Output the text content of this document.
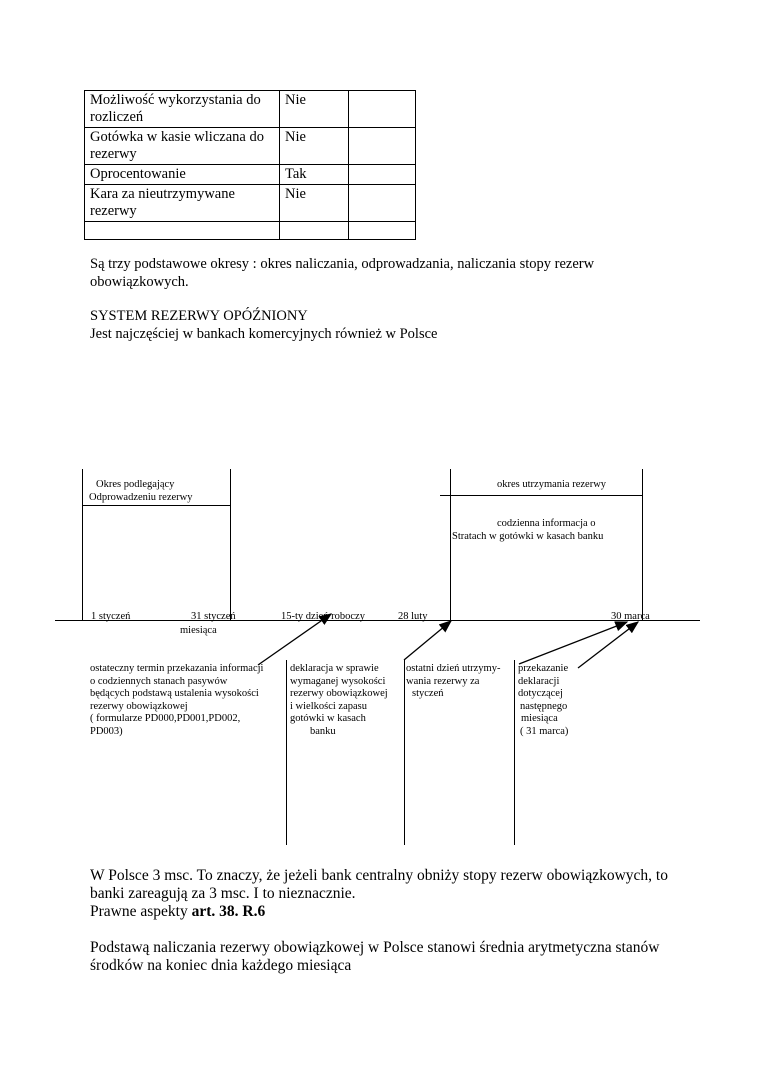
Możliwość wykorzystania do rozliczeń	Nie	
Gotówka w kasie wliczana do rezerwy	Nie	
Oprocentowanie	Tak	
Kara za nieutrzymywane rezerwy	Nie	

Są trzy podstawowe okresy : okres naliczania, odprowadzania, naliczania stopy rezerw obowiązkowych.
SYSTEM REZERWY OPÓŹNIONY
Jest najczęściej w bankach komercyjnych również w Polsce
Okres podlegający
Odprowadzeniu rezerwy
okres utrzymania rezerwy
codzienna informacja o
Stratach w gotówki w kasach banku
1 styczeń	31 styczeń
miesiąca
15-ty dzień roboczy	28 luty	30 marca
ostateczny termin przekazania informacji
o codziennych stanach pasywów
będących podstawą ustalenia wysokości
rezerwy obowiązkowej
( formularze PD000,PD001,PD002,
PD003)
deklaracja w sprawie
wymaganej wysokości
rezerwy obowiązkowej
i wielkości zapasu
gotówki w kasach
banku
ostatni dzień utrzymy-
wania rezerwy za
styczeń
przekazanie
deklaracji
dotyczącej
następnego
miesiąca
( 31 marca)
W Polsce 3 msc. To znaczy, że jeżeli bank centralny obniży stopy rezerw obowiązkowych, to
banki zareagują za 3 msc. I to nieznacznie.
Prawne aspekty art. 38. R.6
Podstawą naliczania rezerwy obowiązkowej w Polsce stanowi średnia arytmetyczna stanów
środków na koniec dnia każdego miesiąca
